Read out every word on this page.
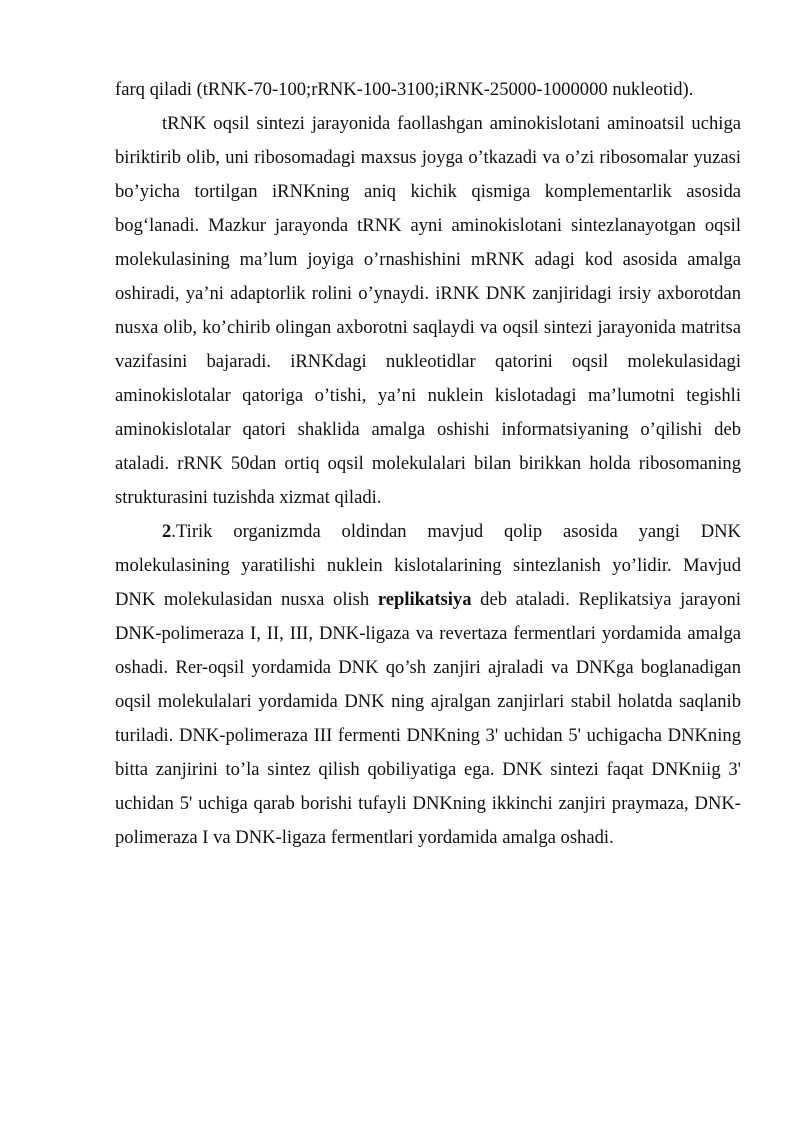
farq qiladi (tRNK-70-100;rRNK-100-3100;iRNK-25000-1000000 nukleotid).

tRNK oqsil sintezi jarayonida faollashgan aminokislotani aminoatsil uchiga biriktirib olib, uni ribosomadagi maxsus joyga o’tkazadi va o’zi ribosomalar yuzasi bo’yicha tortilgan iRNKning aniq kichik qismiga komplementarlik asosida bog‘lanadi. Mazkur jarayonda tRNK ayni aminokislotani sintezlanayotgan oqsil molekulasining ma’lum joyiga o’rnashishini mRNK adagi kod asosida amalga oshiradi, ya’ni adaptorlik rolini o’ynaydi. iRNK DNK zanjiridagi irsiy axborotdan nusxa olib, ko’chirib olingan axborotni saqlaydi va oqsil sintezi jarayonida matritsa vazifasini bajaradi. iRNKdagi nukleotidlar qatorini oqsil molekulasidagi aminokislotalar qatoriga o’tishi, ya’ni nuklein kislotadagi ma’lumotni tegishli aminokislotalar qatori shaklida amalga oshishi informatsiyaning o’qilishi deb ataladi. rRNK 50dan ortiq oqsil molekulalari bilan birikkan holda ribosomaning strukturasini tuzishda xizmat qiladi.

2.Tirik organizmda oldindan mavjud qolip asosida yangi DNK molekulasining yaratilishi nuklein kislotalarining sintezlanish yo’lidir. Mavjud DNK molekulasidan nusxa olish replikatsiya deb ataladi. Replikatsiya jarayoni DNK-polimeraza I, II, III, DNK-ligaza va revertaza fermentlari yordamida amalga oshadi. Rer-oqsil yordamida DNK qo’sh zanjiri ajraladi va DNKga boglanadigan oqsil molekulalari yordamida DNK ning ajralgan zanjirlari stabil holatda saqlanib turiladi. DNK-polimeraza III fermenti DNKning 3' uchidan 5' uchigacha DNKning bitta zanjirini to’la sintez qilish qobiliyatiga ega. DNK sintezi faqat DNKniig 3' uchidan 5' uchiga qarab borishi tufayli DNKning ikkinchi zanjiri praymaza, DNK-polimeraza I va DNK-ligaza fermentlari yordamida amalga oshadi.
